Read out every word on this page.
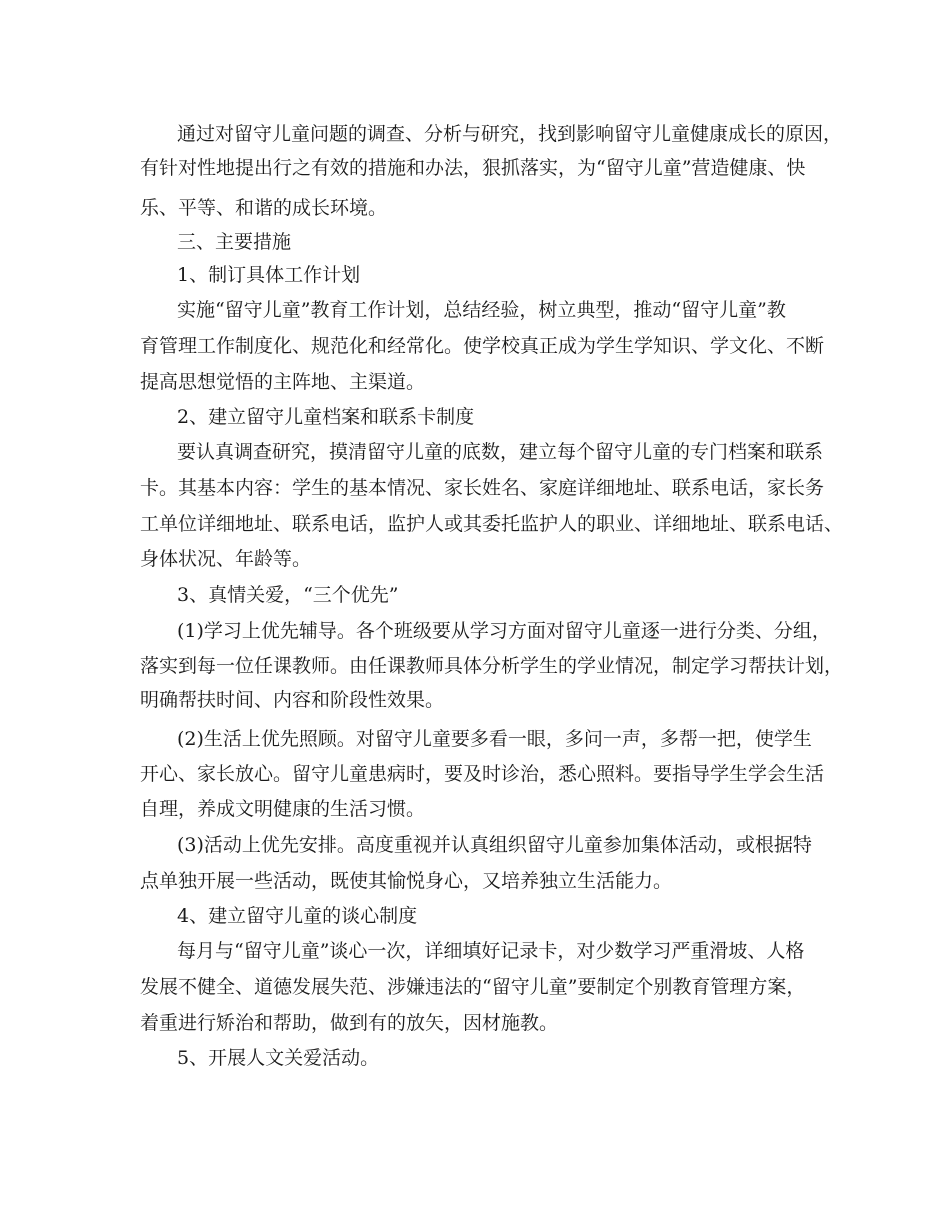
通过对留守儿童问题的调查、分析与研究，找到影响留守儿童健康成长的原因，
有针对性地提出行之有效的措施和办法，狠抓落实，为“留守儿童”营造健康、快
乐、平等、和谐的成长环境。
三、主要措施
1、制订具体工作计划
实施“留守儿童”教育工作计划，总结经验，树立典型，推动“留守儿童”教
育管理工作制度化、规范化和经常化。使学校真正成为学生学知识、学文化、不断
提高思想觉悟的主阵地、主渠道。
2、建立留守儿童档案和联系卡制度
要认真调查研究，摸清留守儿童的底数，建立每个留守儿童的专门档案和联系
卡。其基本内容：学生的基本情况、家长姓名、家庭详细地址、联系电话，家长务
工单位详细地址、联系电话，监护人或其委托监护人的职业、详细地址、联系电话、
身体状况、年龄等。
3、真情关爱，“三个优先”
(1)学习上优先辅导。各个班级要从学习方面对留守儿童逐一进行分类、分组，
落实到每一位任课教师。由任课教师具体分析学生的学业情况，制定学习帮扶计划，
明确帮扶时间、内容和阶段性效果。
(2)生活上优先照顾。对留守儿童要多看一眼，多问一声，多帮一把，使学生
开心、家长放心。留守儿童患病时，要及时诊治，悉心照料。要指导学生学会生活
自理，养成文明健康的生活习惯。
(3)活动上优先安排。高度重视并认真组织留守儿童参加集体活动，或根据特
点单独开展一些活动，既使其愉悦身心，又培养独立生活能力。
4、建立留守儿童的谈心制度
每月与“留守儿童”谈心一次，详细填好记录卡，对少数学习严重滑坡、人格
发展不健全、道德发展失范、涉嫌违法的“留守儿童”要制定个别教育管理方案，
着重进行矫治和帮助，做到有的放矢，因材施教。
5、开展人文关爱活动。
